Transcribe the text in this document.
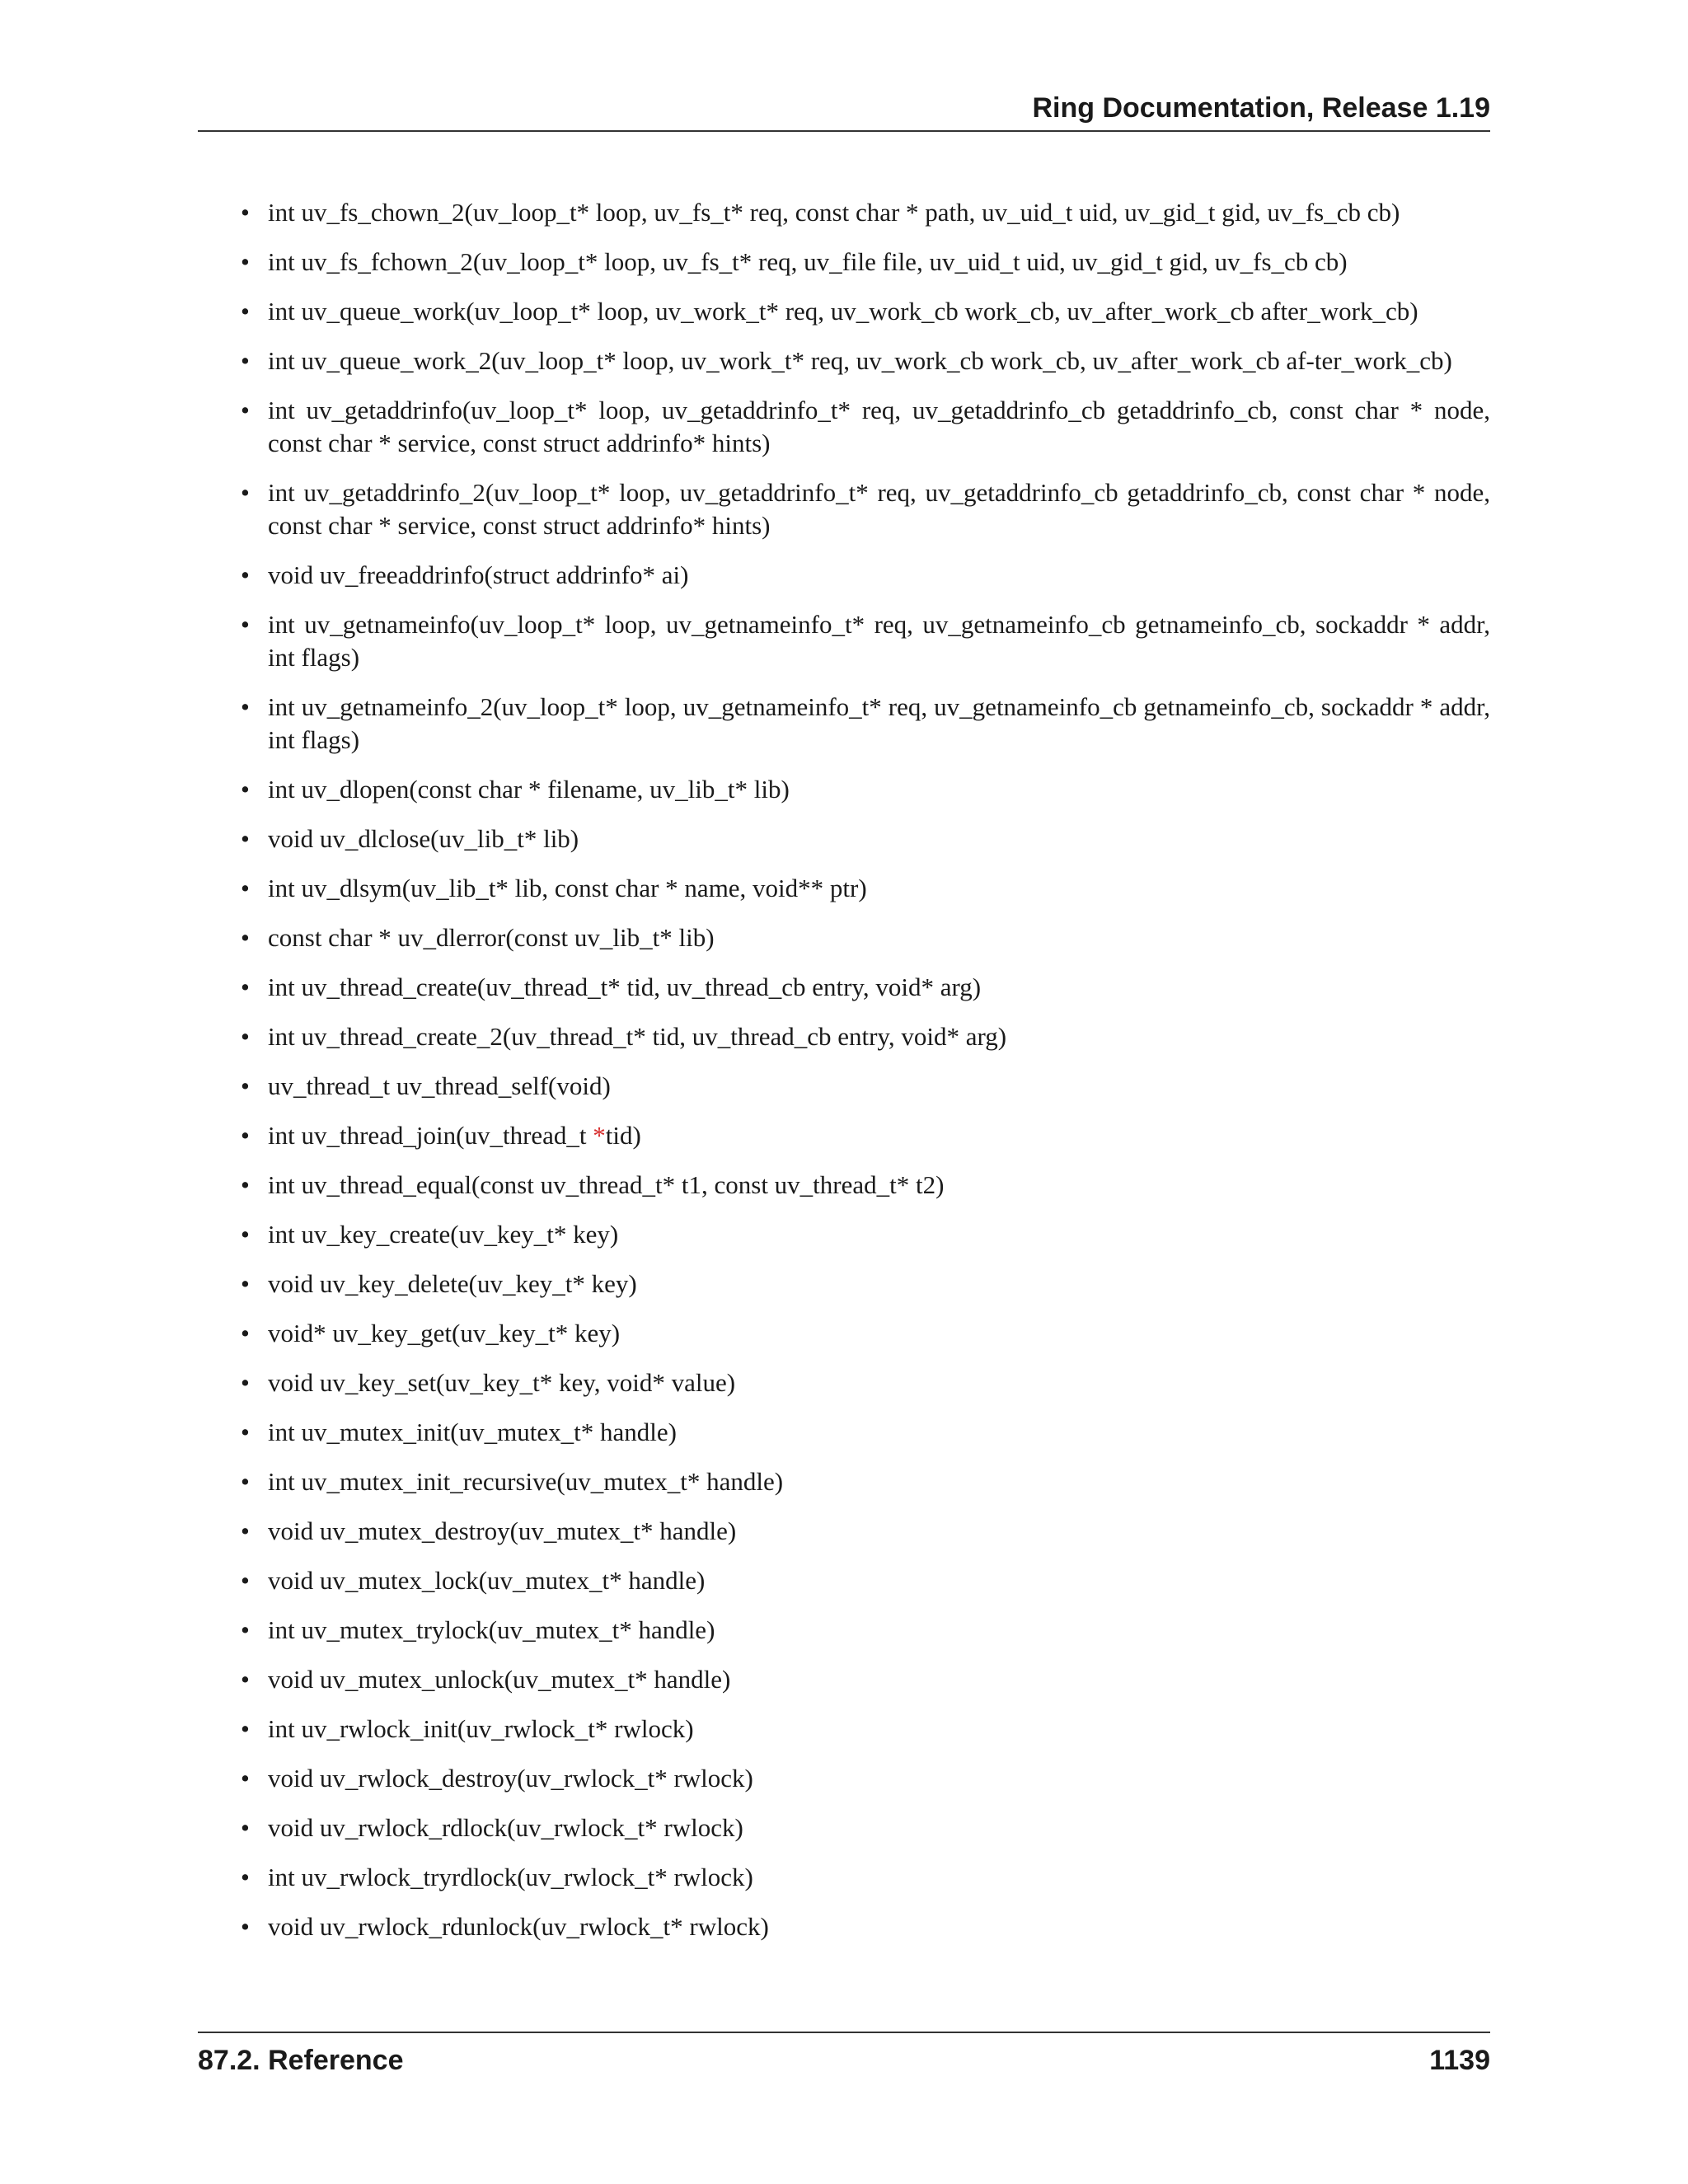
Ring Documentation, Release 1.19
• int uv_fs_chown_2(uv_loop_t* loop, uv_fs_t* req, const char * path, uv_uid_t uid, uv_gid_t gid, uv_fs_cb cb)
• int uv_fs_fchown_2(uv_loop_t* loop, uv_fs_t* req, uv_file file, uv_uid_t uid, uv_gid_t gid, uv_fs_cb cb)
• int uv_queue_work(uv_loop_t* loop, uv_work_t* req, uv_work_cb work_cb, uv_after_work_cb after_work_cb)
• int uv_queue_work_2(uv_loop_t* loop, uv_work_t* req, uv_work_cb work_cb, uv_after_work_cb af-ter_work_cb)
• int uv_getaddrinfo(uv_loop_t* loop, uv_getaddrinfo_t* req, uv_getaddrinfo_cb getaddrinfo_cb, const char * node, const char * service, const struct addrinfo* hints)
• int uv_getaddrinfo_2(uv_loop_t* loop, uv_getaddrinfo_t* req, uv_getaddrinfo_cb getaddrinfo_cb, const char * node, const char * service, const struct addrinfo* hints)
• void uv_freeaddrinfo(struct addrinfo* ai)
• int uv_getnameinfo(uv_loop_t* loop, uv_getnameinfo_t* req, uv_getnameinfo_cb getnameinfo_cb, sockaddr * addr, int flags)
• int uv_getnameinfo_2(uv_loop_t* loop, uv_getnameinfo_t* req, uv_getnameinfo_cb getnameinfo_cb, sockaddr * addr, int flags)
• int uv_dlopen(const char * filename, uv_lib_t* lib)
• void uv_dlclose(uv_lib_t* lib)
• int uv_dlsym(uv_lib_t* lib, const char * name, void** ptr)
• const char * uv_dlerror(const uv_lib_t* lib)
• int uv_thread_create(uv_thread_t* tid, uv_thread_cb entry, void* arg)
• int uv_thread_create_2(uv_thread_t* tid, uv_thread_cb entry, void* arg)
• uv_thread_t uv_thread_self(void)
• int uv_thread_join(uv_thread_t *tid)
• int uv_thread_equal(const uv_thread_t* t1, const uv_thread_t* t2)
• int uv_key_create(uv_key_t* key)
• void uv_key_delete(uv_key_t* key)
• void* uv_key_get(uv_key_t* key)
• void uv_key_set(uv_key_t* key, void* value)
• int uv_mutex_init(uv_mutex_t* handle)
• int uv_mutex_init_recursive(uv_mutex_t* handle)
• void uv_mutex_destroy(uv_mutex_t* handle)
• void uv_mutex_lock(uv_mutex_t* handle)
• int uv_mutex_trylock(uv_mutex_t* handle)
• void uv_mutex_unlock(uv_mutex_t* handle)
• int uv_rwlock_init(uv_rwlock_t* rwlock)
• void uv_rwlock_destroy(uv_rwlock_t* rwlock)
• void uv_rwlock_rdlock(uv_rwlock_t* rwlock)
• int uv_rwlock_tryrdlock(uv_rwlock_t* rwlock)
• void uv_rwlock_rdunlock(uv_rwlock_t* rwlock)
87.2. Reference	1139
